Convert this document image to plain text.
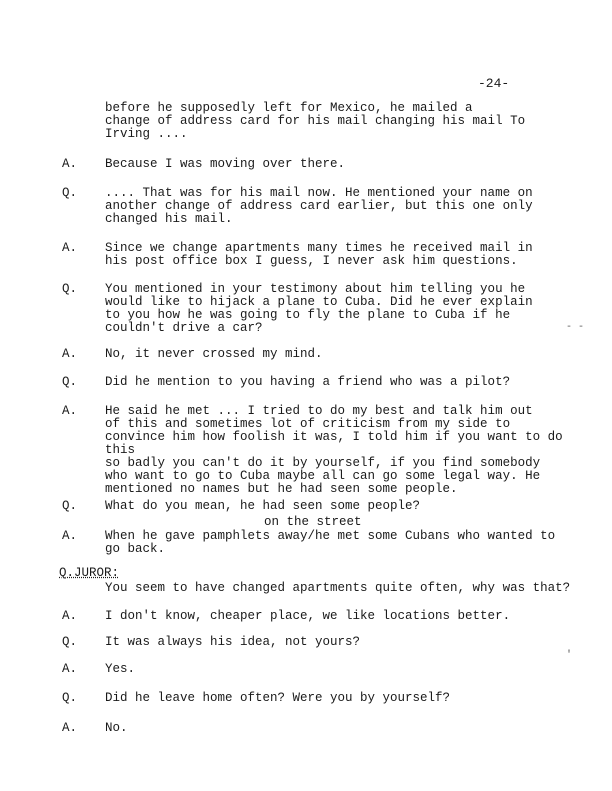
-24-
before he supposedly left for Mexico, he mailed a
change of address card for his mail changing his mail To
Irving ....
A. Because I was moving over there.
Q. .... That was for his mail now. He mentioned your name on
another change of address card earlier, but this one only
changed his mail.
A. Since we change apartments many times he received mail in
his post office box I guess, I never ask him questions.
Q. You mentioned in your testimony about him telling you he
would like to hijack a plane to Cuba. Did he ever explain
to you how he was going to fly the plane to Cuba if he
couldn't drive a car?
A. No, it never crossed my mind.
Q. Did he mention to you having a friend who was a pilot?
A. He said he met ... I tried to do my best and talk him out
of this and sometimes lot of criticism from my side to
convince him how foolish it was, I told him if you want to do this
so badly you can't do it by yourself, if you find somebody
who want to go to Cuba maybe all can go some legal way. He
mentioned no names but he had seen some people.
Q. What do you mean, he had seen some people?
on the street
A. When he gave pamphlets away/he met some Cubans who wanted to
go back.
Q.JUROR:
You seem to have changed apartments quite often, why was that?
A. I don't know, cheaper place, we like locations better.
Q. It was always his idea, not yours?
A. Yes.
Q. Did he leave home often? Were you by yourself?
A. No.
- -
'
